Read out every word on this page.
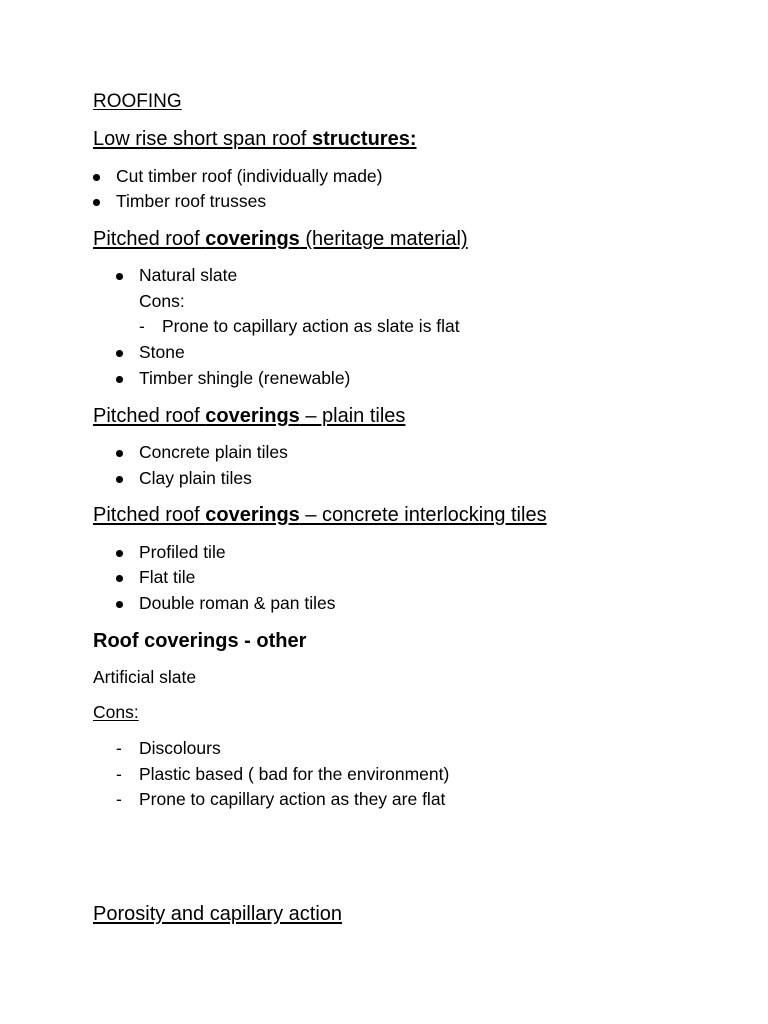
ROOFING
Low rise short span roof structures:
Cut timber roof (individually made)
Timber roof trusses
Pitched roof coverings (heritage material)
Natural slate
Cons:
- Prone to capillary action as slate is flat
Stone
Timber shingle (renewable)
Pitched roof coverings – plain tiles
Concrete plain tiles
Clay plain tiles
Pitched roof coverings – concrete interlocking tiles
Profiled tile
Flat tile
Double roman & pan tiles
Roof coverings - other
Artificial slate
Cons:
- Discolours
- Plastic based ( bad for the environment)
- Prone to capillary action as they are flat
Porosity and capillary action
